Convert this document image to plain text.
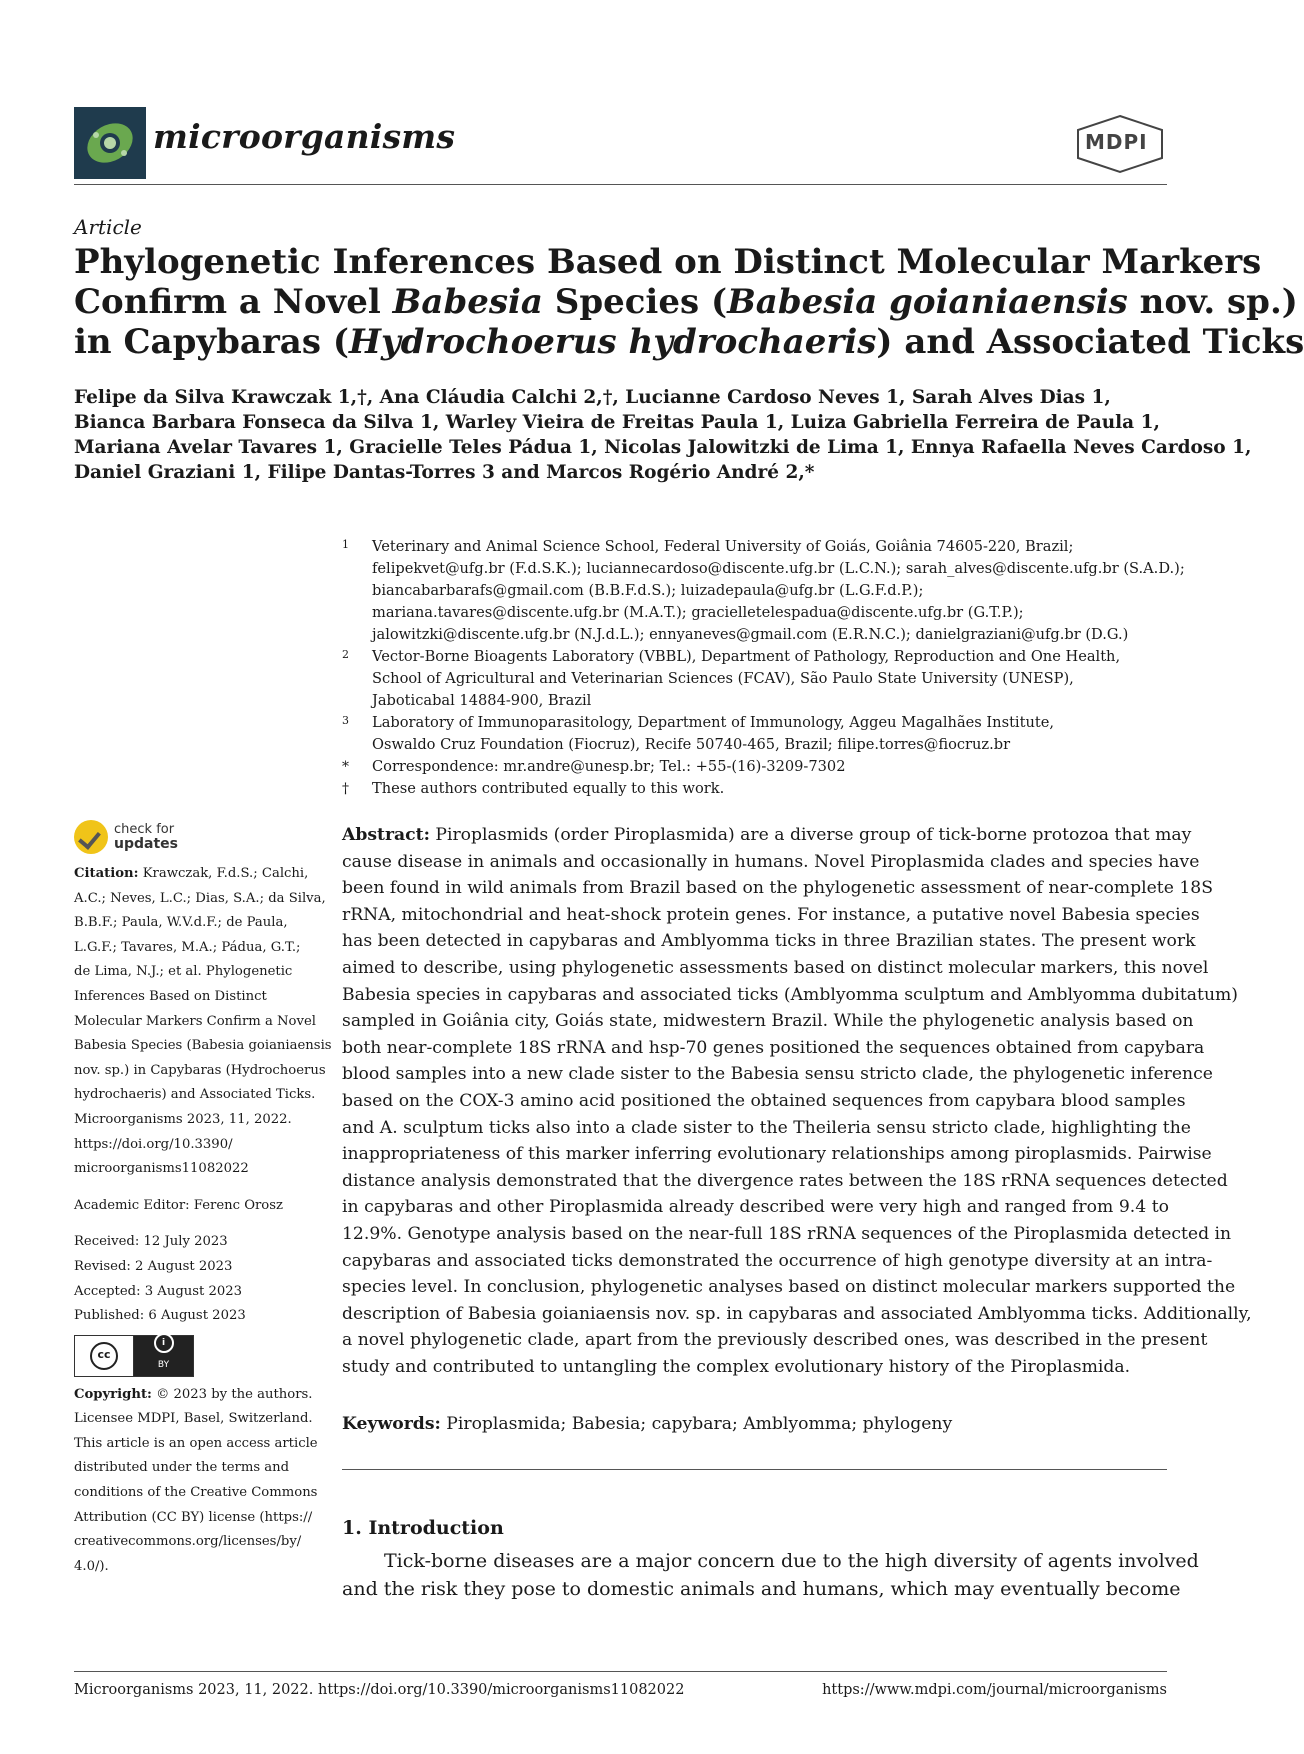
microorganisms	MDPI
Article
Phylogenetic Inferences Based on Distinct Molecular Markers
Confirm a Novel Babesia Species (Babesia goianiaensis nov. sp.)
in Capybaras (Hydrochoerus hydrochaeris) and Associated Ticks
Felipe da Silva Krawczak 1,†, Ana Cláudia Calchi 2,†, Lucianne Cardoso Neves 1, Sarah Alves Dias 1,
Bianca Barbara Fonseca da Silva 1, Warley Vieira de Freitas Paula 1, Luiza Gabriella Ferreira de Paula 1,
Mariana Avelar Tavares 1, Gracielle Teles Pádua 1, Nicolas Jalowitzki de Lima 1, Ennya Rafaella Neves Cardoso 1,
Daniel Graziani 1, Filipe Dantas-Torres 3 and Marcos Rogério André 2,*
1 Veterinary and Animal Science School, Federal University of Goiás, Goiânia 74605-220, Brazil;
felipekvet@ufg.br (F.d.S.K.); luciannecardoso@discente.ufg.br (L.C.N.); sarah_alves@discente.ufg.br (S.A.D.);
biancabarbarafs@gmail.com (B.B.F.d.S.); luizadepaula@ufg.br (L.G.F.d.P.);
mariana.tavares@discente.ufg.br (M.A.T.); gracielletelespadua@discente.ufg.br (G.T.P.);
jalowitzki@discente.ufg.br (N.J.d.L.); ennyaneves@gmail.com (E.R.N.C.); danielgraziani@ufg.br (D.G.)
2 Vector-Borne Bioagents Laboratory (VBBL), Department of Pathology, Reproduction and One Health,
School of Agricultural and Veterinarian Sciences (FCAV), São Paulo State University (UNESP),
Jaboticabal 14884-900, Brazil
3 Laboratory of Immunoparasitology, Department of Immunology, Aggeu Magalhães Institute,
Oswaldo Cruz Foundation (Fiocruz), Recife 50740-465, Brazil; filipe.torres@fiocruz.br
* Correspondence: mr.andre@unesp.br; Tel.: +55-(16)-3209-7302
† These authors contributed equally to this work.
check for
updates
Citation: Krawczak, F.d.S.; Calchi,
A.C.; Neves, L.C.; Dias, S.A.; da Silva,
B.B.F.; Paula, W.V.d.F.; de Paula,
L.G.F.; Tavares, M.A.; Pádua, G.T.;
de Lima, N.J.; et al. Phylogenetic
Inferences Based on Distinct
Molecular Markers Confirm a Novel
Babesia Species (Babesia goianiaensis
nov. sp.) in Capybaras (Hydrochoerus
hydrochaeris) and Associated Ticks.
Microorganisms 2023, 11, 2022.
https://doi.org/10.3390/
microorganisms11082022
Academic Editor: Ferenc Orosz
Received: 12 July 2023
Revised: 2 August 2023
Accepted: 3 August 2023
Published: 6 August 2023
cc
i
BY
Copyright: © 2023 by the authors.
Licensee MDPI, Basel, Switzerland.
This article is an open access article
distributed under the terms and
conditions of the Creative Commons
Attribution (CC BY) license (https://
creativecommons.org/licenses/by/
4.0/).
Abstract: Piroplasmids (order Piroplasmida) are a diverse group of tick-borne protozoa that may
cause disease in animals and occasionally in humans. Novel Piroplasmida clades and species have
been found in wild animals from Brazil based on the phylogenetic assessment of near-complete 18S
rRNA, mitochondrial and heat-shock protein genes. For instance, a putative novel Babesia species
has been detected in capybaras and Amblyomma ticks in three Brazilian states. The present work
aimed to describe, using phylogenetic assessments based on distinct molecular markers, this novel
Babesia species in capybaras and associated ticks (Amblyomma sculptum and Amblyomma dubitatum)
sampled in Goiânia city, Goiás state, midwestern Brazil. While the phylogenetic analysis based on
both near-complete 18S rRNA and hsp-70 genes positioned the sequences obtained from capybara
blood samples into a new clade sister to the Babesia sensu stricto clade, the phylogenetic inference
based on the COX-3 amino acid positioned the obtained sequences from capybara blood samples
and A. sculptum ticks also into a clade sister to the Theileria sensu stricto clade, highlighting the
inappropriateness of this marker inferring evolutionary relationships among piroplasmids. Pairwise
distance analysis demonstrated that the divergence rates between the 18S rRNA sequences detected
in capybaras and other Piroplasmida already described were very high and ranged from 9.4 to
12.9%. Genotype analysis based on the near-full 18S rRNA sequences of the Piroplasmida detected in
capybaras and associated ticks demonstrated the occurrence of high genotype diversity at an intra-
species level. In conclusion, phylogenetic analyses based on distinct molecular markers supported the
description of Babesia goianiaensis nov. sp. in capybaras and associated Amblyomma ticks. Additionally,
a novel phylogenetic clade, apart from the previously described ones, was described in the present
study and contributed to untangling the complex evolutionary history of the Piroplasmida.
Keywords: Piroplasmida; Babesia; capybara; Amblyomma; phylogeny
1. Introduction
Tick-borne diseases are a major concern due to the high diversity of agents involved
and the risk they pose to domestic animals and humans, which may eventually become
Microorganisms 2023, 11, 2022. https://doi.org/10.3390/microorganisms11082022	https://www.mdpi.com/journal/microorganisms
